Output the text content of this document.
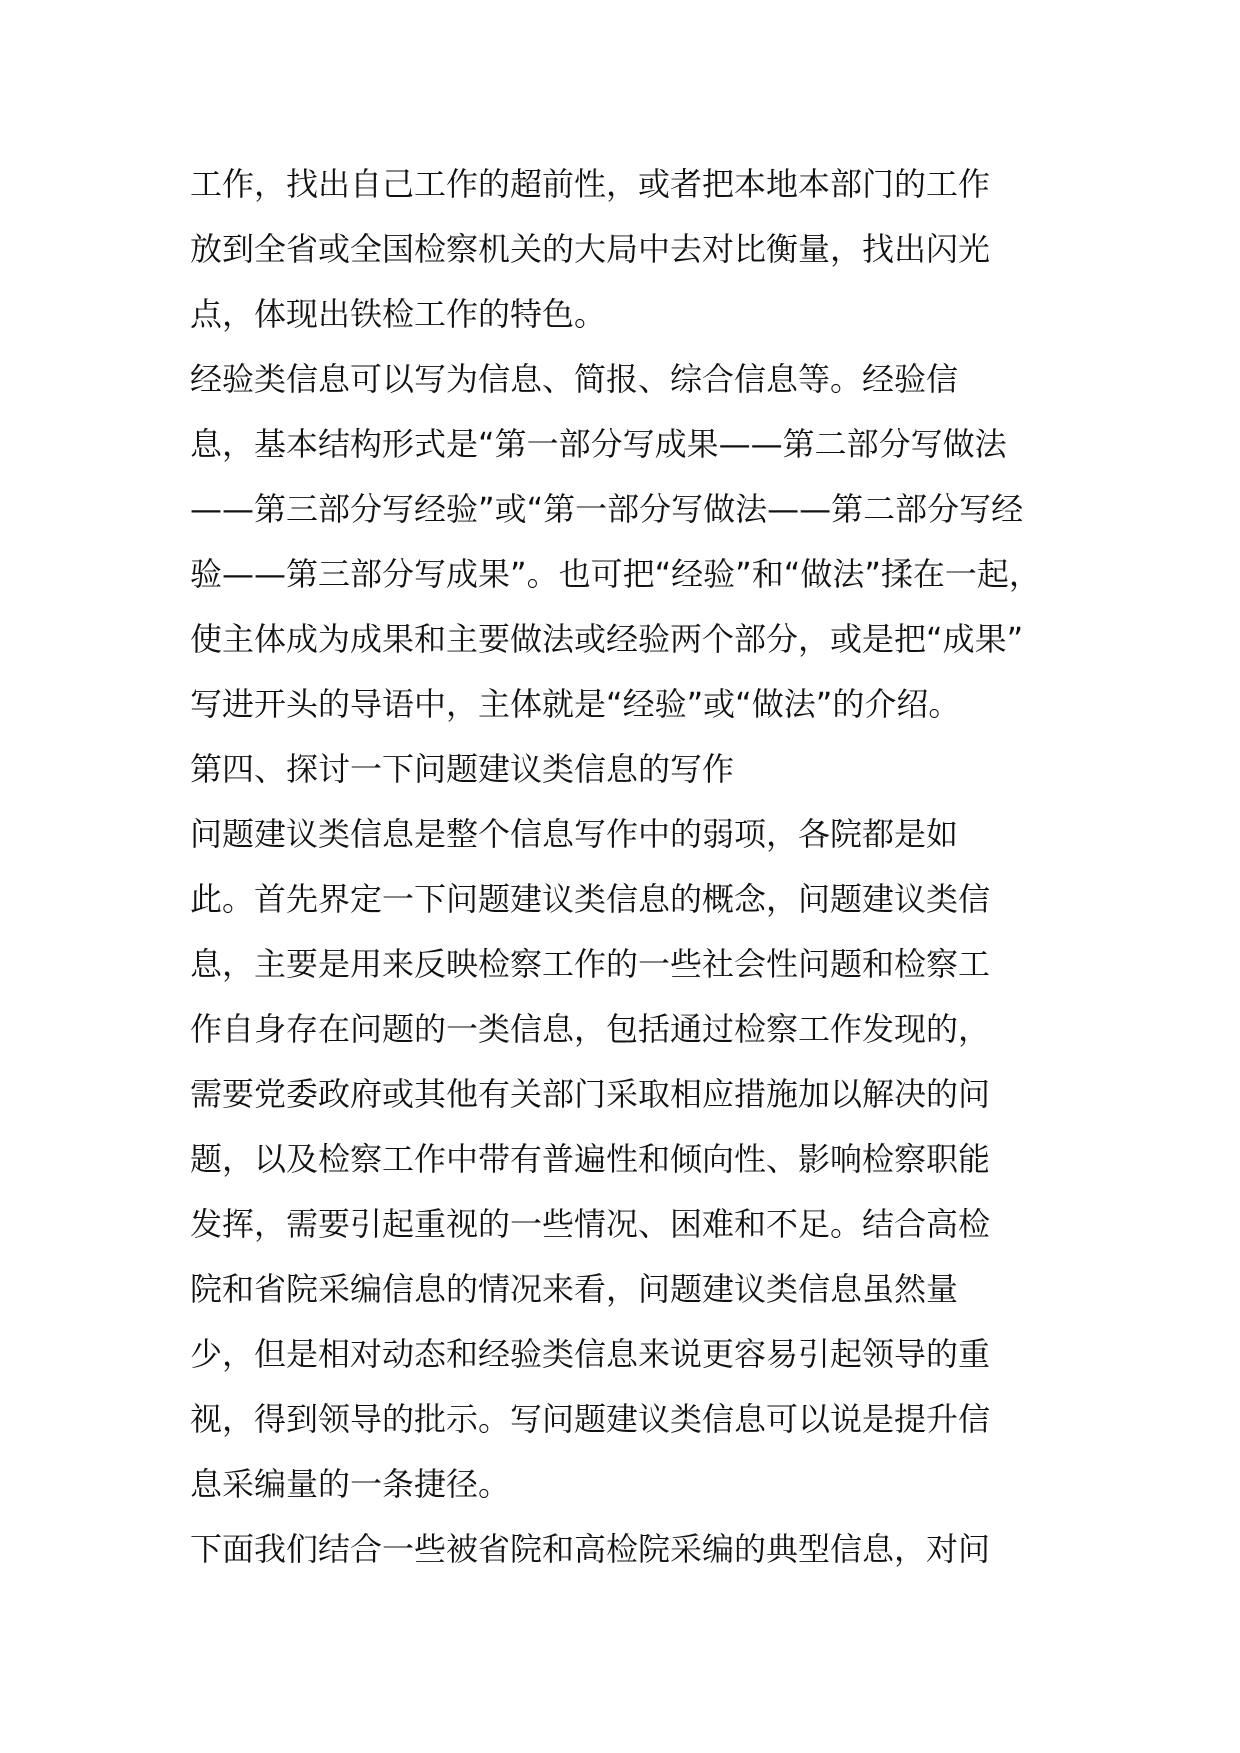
工作，找出自己工作的超前性，或者把本地本部门的工作
放到全省或全国检察机关的大局中去对比衡量，找出闪光
点，体现出铁检工作的特色。
经验类信息可以写为信息、简报、综合信息等。经验信
息，基本结构形式是“第一部分写成果——第二部分写做法
——第三部分写经验”或“第一部分写做法——第二部分写经
验——第三部分写成果”。也可把“经验”和“做法”揉在一起，
使主体成为成果和主要做法或经验两个部分，或是把“成果”
写进开头的导语中，主体就是“经验”或“做法”的介绍。
第四、探讨一下问题建议类信息的写作
问题建议类信息是整个信息写作中的弱项，各院都是如
此。首先界定一下问题建议类信息的概念，问题建议类信
息，主要是用来反映检察工作的一些社会性问题和检察工
作自身存在问题的一类信息，包括通过检察工作发现的，
需要党委政府或其他有关部门采取相应措施加以解决的问
题，以及检察工作中带有普遍性和倾向性、影响检察职能
发挥，需要引起重视的一些情况、困难和不足。结合高检
院和省院采编信息的情况来看，问题建议类信息虽然量
少，但是相对动态和经验类信息来说更容易引起领导的重
视，得到领导的批示。写问题建议类信息可以说是提升信
息采编量的一条捷径。
下面我们结合一些被省院和高检院采编的典型信息，对问
